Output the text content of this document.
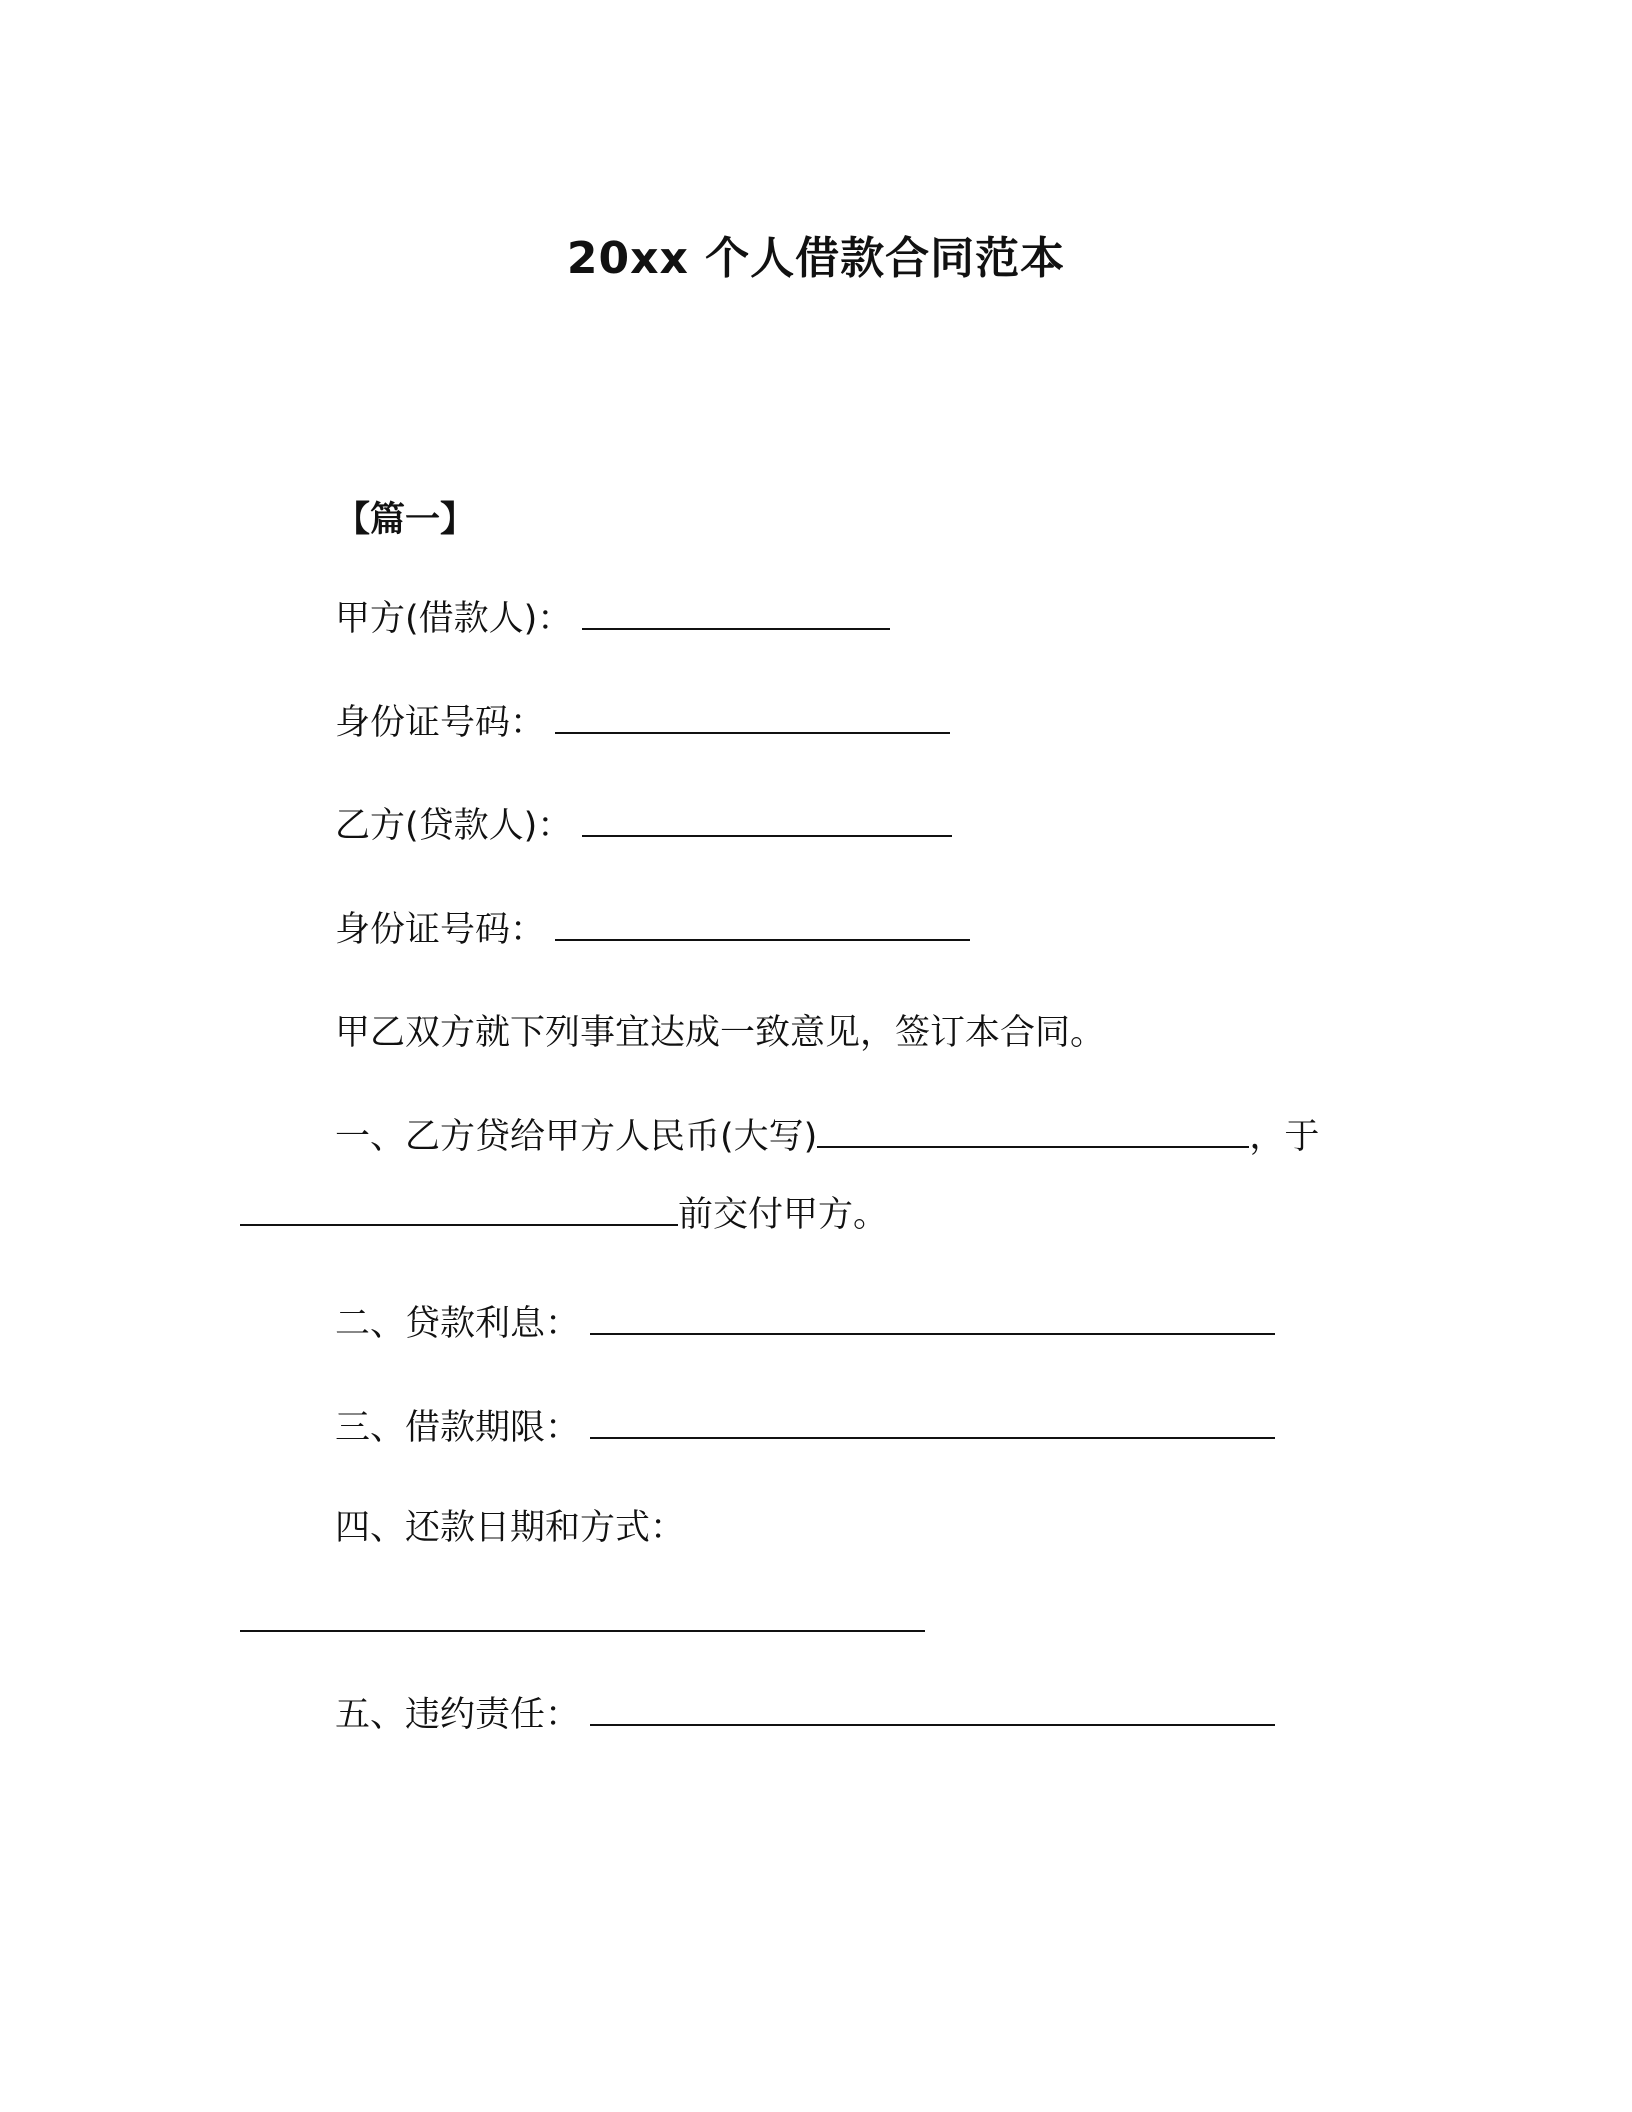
20xx 个人借款合同范本
【篇一】
甲方(借款人)：
身份证号码：
乙方(贷款人)：
身份证号码：
甲乙双方就下列事宜达成一致意见，签订本合同。
一、乙方贷给甲方人民币(大写)	，于
前交付甲方。
二、贷款利息：
三、借款期限：
四、还款日期和方式：
五、违约责任：
